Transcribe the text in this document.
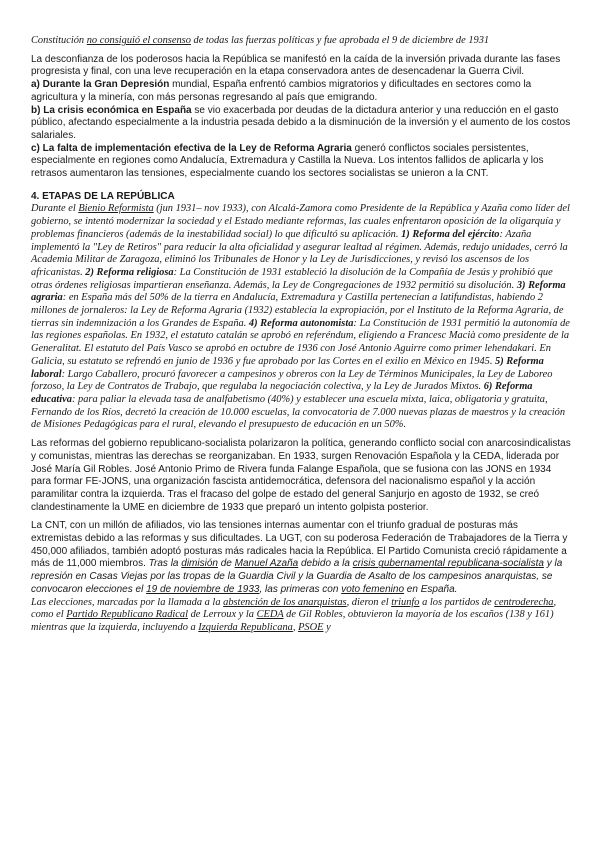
Constitución no consiguió el consenso de todas las fuerzas políticas y fue aprobada el 9 de diciembre de 1931

La desconfianza de los poderosos hacia la República se manifestó en la caída de la inversión privada durante las fases progresista y final, con una leve recuperación en la etapa conservadora antes de desencadenar la Guerra Civil.

a) Durante la Gran Depresión mundial, España enfrentó cambios migratorios y dificultades en sectores como la agricultura y la minería, con más personas regresando al país que emigrando.

b) La crisis económica en España se vio exacerbada por deudas de la dictadura anterior y una reducción en el gasto público, afectando especialmente a la industria pesada debido a la disminución de la inversión y el aumento de los costos salariales.

c) La falta de implementación efectiva de la Ley de Reforma Agraria generó conflictos sociales persistentes, especialmente en regiones como Andalucía, Extremadura y Castilla la Nueva. Los intentos fallidos de aplicarla y los retrasos aumentaron las tensiones, especialmente cuando los sectores socialistas se unieron a la CNT.

4. ETAPAS DE LA REPÚBLICA

Durante el Bienio Reformista (jun 1931– nov 1933), con Alcalá-Zamora como Presidente de la República y Azaña como líder del gobierno, se intentó modernizar la sociedad y el Estado mediante reformas, las cuales enfrentaron oposición de la oligarquía y problemas financieros (además de la inestabilidad social) lo que dificultó su aplicación. 1) Reforma del ejército: Azaña implementó la "Ley de Retiros" para reducir la alta oficialidad y asegurar lealtad al régimen. Además, redujo unidades, cerró la Academia Militar de Zaragoza, eliminó los Tribunales de Honor y la Ley de Jurisdicciones, y revisó los ascensos de los africanistas. 2) Reforma religiosa: La Constitución de 1931 estableció la disolución de la Compañía de Jesús y prohibió que otras órdenes religiosas impartieran enseñanza. Además, la Ley de Congregaciones de 1932 permitió su disolución. 3) Reforma agraria: en España más del 50% de la tierra en Andalucía, Extremadura y Castilla pertenecían a latifundistas, habiendo 2 millones de jornaleros: la Ley de Reforma Agraria (1932) establecía la expropiación, por el Instituto de la Reforma Agraria, de tierras sin indemnización a los Grandes de España. 4) Reforma autonomista: La Constitución de 1931 permitió la autonomía de las regiones españolas. En 1932, el estatuto catalán se aprobó en referéndum, eligiendo a Francesc Macià como presidente de la Generalitat. El estatuto del País Vasco se aprobó en octubre de 1936 con José Antonio Aguirre como primer lehendakari. En Galicia, su estatuto se refrendó en junio de 1936 y fue aprobado por las Cortes en el exilio en México en 1945. 5) Reforma laboral: Largo Caballero, procuró favorecer a campesinos y obreros con la Ley de Términos Municipales, la Ley de Laboreo forzoso, la Ley de Contratos de Trabajo, que regulaba la negociación colectiva, y la Ley de Jurados Mixtos. 6) Reforma educativa: para paliar la elevada tasa de analfabetismo (40%) y establecer una escuela mixta, laica, obligatoria y gratuita, Fernando de los Ríos, decretó la creación de 10.000 escuelas, la convocatoria de 7.000 nuevas plazas de maestros y la creación de Misiones Pedagógicas para el rural, elevando el presupuesto de educación en un 50%.

Las reformas del gobierno republicano-socialista polarizaron la política, generando conflicto social con anarcosindicalistas y comunistas, mientras las derechas se reorganizaban. En 1933, surgen Renovación Española y la CEDA, liderada por José María Gil Robles. José Antonio Primo de Rivera funda Falange Española, que se fusiona con las JONS en 1934 para formar FE-JONS, una organización fascista antidemocrática, defensora del nacionalismo español y la acción paramilitar contra la izquierda. Tras el fracaso del golpe de estado del general Sanjurjo en agosto de 1932, se creó clandestinamente la UME en diciembre de 1933 que preparó un intento golpista posterior.

La CNT, con un millón de afiliados, vio las tensiones internas aumentar con el triunfo gradual de posturas más extremistas debido a las reformas y sus dificultades. La UGT, con su poderosa Federación de Trabajadores de la Tierra y 450,000 afiliados, también adoptó posturas más radicales hacia la República. El Partido Comunista creció rápidamente a más de 11,000 miembros. Tras la dimisión de Manuel Azaña debido a la crisis gubernamental republicana-socialista y la represión en Casas Viejas por las tropas de la Guardia Civil y la Guardia de Asalto de los campesinos anarquistas, se convocaron elecciones el 19 de noviembre de 1933, las primeras con voto femenino en España.

Las elecciones, marcadas por la llamada a la abstención de los anarquistas, dieron el triunfo a los partidos de centroderecha, como el Partido Republicano Radical de Lerroux y la CEDA de Gil Robles, obtuvieron la mayoría de los escaños (138 y 161) mientras que la izquierda, incluyendo a Izquierda Republicana, PSOE y
